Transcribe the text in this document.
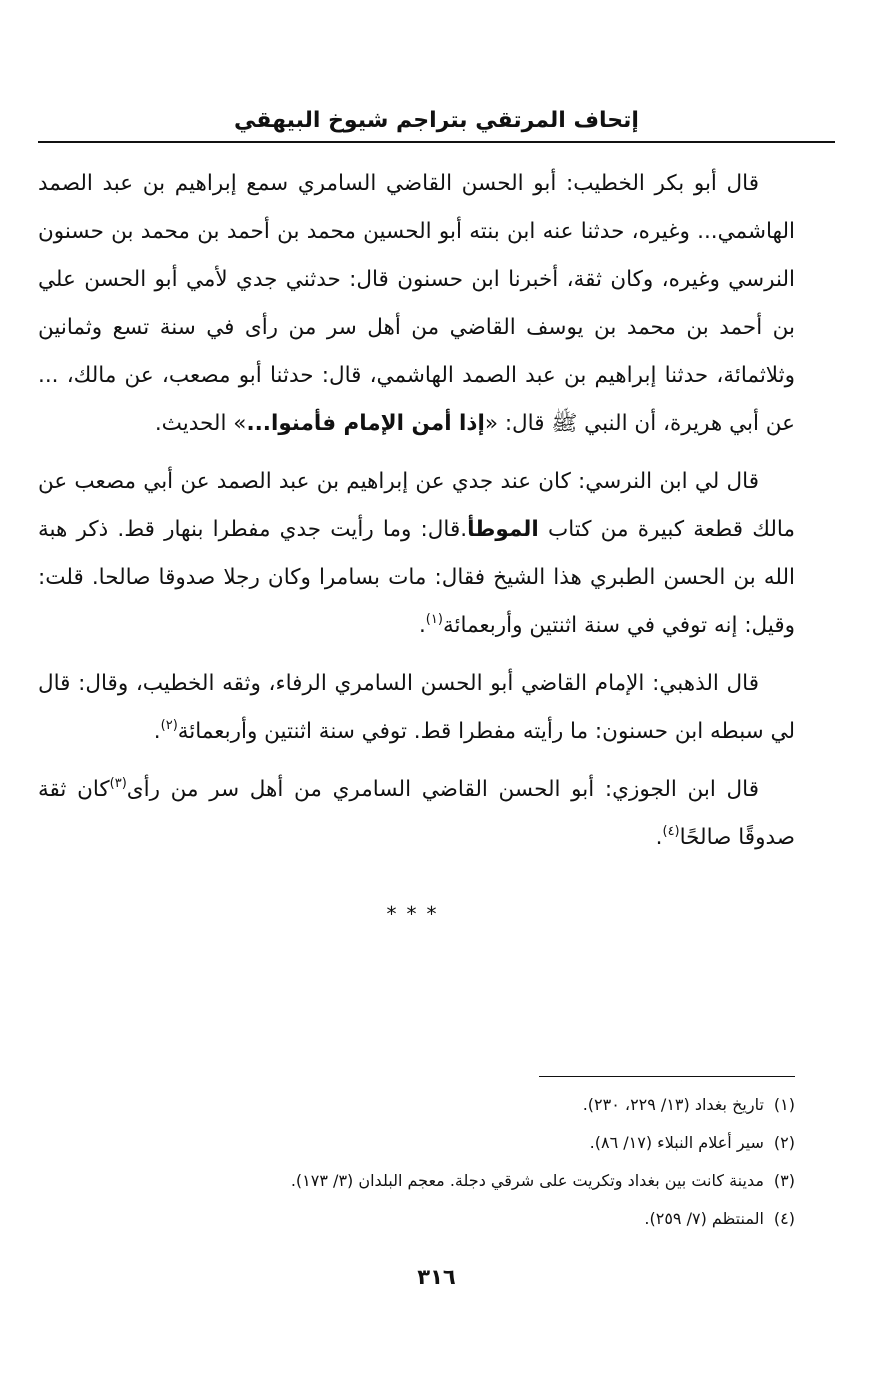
إتحاف المرتقي بتراجم شيوخ البيهقي

قال أبو بكر الخطيب: أبو الحسن القاضي السامري سمع إبراهيم بن عبد الصمد الهاشمي... وغيره، حدثنا عنه ابن بنته أبو الحسين محمد بن أحمد بن محمد بن حسنون النرسي وغيره، وكان ثقة، أخبرنا ابن حسنون قال: حدثني جدي لأمي أبو الحسن علي بن أحمد بن محمد بن يوسف القاضي من أهل سر من رأى في سنة تسع وثمانين وثلاثمائة، حدثنا إبراهيم بن عبد الصمد الهاشمي، قال: حدثنا أبو مصعب، عن مالك، ... عن أبي هريرة، أن النبي ﷺ قال: «إذا أمن الإمام فأمنوا...» الحديث.

قال لي ابن النرسي: كان عند جدي عن إبراهيم بن عبد الصمد عن أبي مصعب عن مالك قطعة كبيرة من كتاب الموطأ.قال: وما رأيت جدي مفطرا بنهار قط. ذكر هبة الله بن الحسن الطبري هذا الشيخ فقال: مات بسامرا وكان رجلا صدوقا صالحا. قلت: وقيل: إنه توفي في سنة اثنتين وأربعمائة$^{(١)}$.

قال الذهبي: الإمام القاضي أبو الحسن السامري الرفاء، وثقه الخطيب، وقال: قال لي سبطه ابن حسنون: ما رأيته مفطرا قط. توفي سنة اثنتين وأربعمائة$^{(٢)}$.

قال ابن الجوزي: أبو الحسن القاضي السامري من أهل سر من رأى$^{(٣)}$كان ثقة صدوقًا صالحًا$^{(٤)}$.

***

(١)تاريخ بغداد (١٣/ ٢٢٩، ٢٣٠).

(٢)سير أعلام النبلاء (١٧/ ٨٦).

(٣)مدينة كانت بين بغداد وتكريت على شرقي دجلة. معجم البلدان (٣/ ١٧٣).

(٤)المنتظم (٧/ ٢٥٩).

٣١٦
